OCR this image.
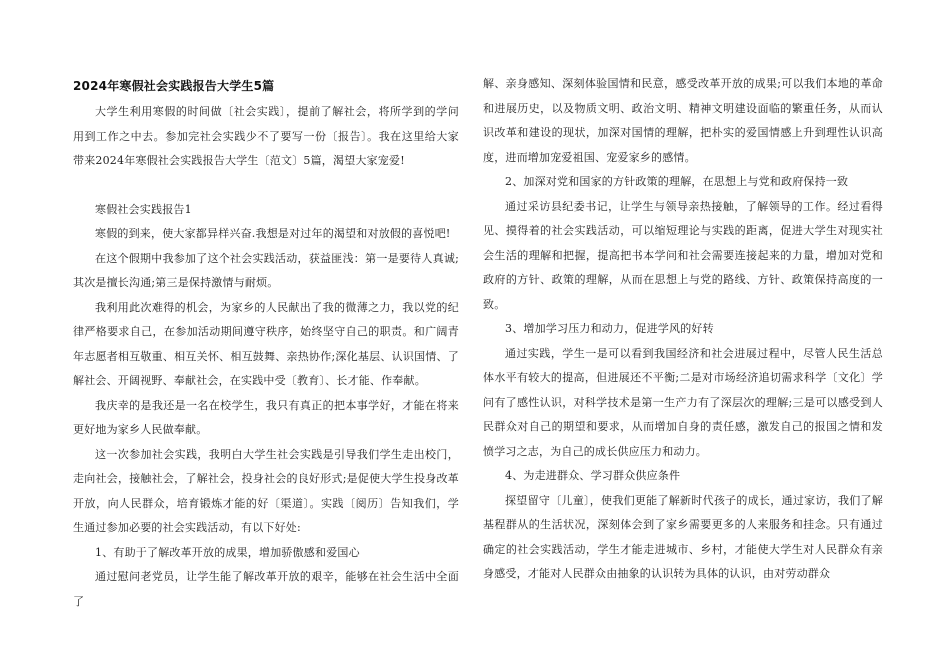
2024年寒假社会实践报告大学生5篇

大学生利用寒假的时间做〔社会实践〕，提前了解社会，将所学到的学问用到工作之中去。参加完社会实践少不了要写一份〔报告〕。我在这里给大家带来2024年寒假社会实践报告大学生〔范文〕5篇，渴望大家宠爱!

寒假社会实践报告1

寒假的到来，使大家都异样兴奋.我想是对过年的渴望和对放假的喜悦吧!

在这个假期中我参加了这个社会实践活动，获益匪浅：第一是要待人真诚;其次是擅长沟通;第三是保持激情与耐烦。

我利用此次难得的机会，为家乡的人民献出了我的微薄之力，我以党的纪律严格要求自己，在参加活动期间遵守秩序，始终坚守自己的职责。和广阔青年志愿者相互敬重、相互关怀、相互鼓舞、亲热协作;深化基层、认识国情、了解社会、开阔视野、奉献社会，在实践中受〔教育〕、长才能、作奉献。

我庆幸的是我还是一名在校学生，我只有真正的把本事学好，才能在将来更好地为家乡人民做奉献。

这一次参加社会实践，我明白大学生社会实践是引导我们学生走出校门，走向社会，接触社会，了解社会，投身社会的良好形式;是促使大学生投身改革开放，向人民群众，培育锻炼才能的好〔渠道〕。实践〔阅历〕告知我们，学生通过参加必要的社会实践活动，有以下好处:

1、有助于了解改革开放的成果，增加骄傲感和爱国心

通过慰问老党员，让学生能了解改革开放的艰辛，能够在社会生活中全面了

解、亲身感知、深刻体验国情和民意，感受改革开放的成果;可以我们本地的革命和进展历史，以及物质文明、政治文明、精神文明建设面临的繁重任务，从而认识改革和建设的现状，加深对国情的理解，把朴实的爱国情感上升到理性认识高度，进而增加宠爱祖国、宠爱家乡的感情。

2、加深对党和国家的方针政策的理解，在思想上与党和政府保持一致

通过采访县纪委书记，让学生与领导亲热接触，了解领导的工作。经过看得见、摸得着的社会实践活动，可以缩短理论与实践的距离，促进大学生对现实社会生活的理解和把握，提高把书本学问和社会需要连接起来的力量，增加对党和政府的方针、政策的理解，从而在思想上与党的路线、方针、政策保持高度的一致。

3、增加学习压力和动力，促进学风的好转

通过实践，学生一是可以看到我国经济和社会进展过程中，尽管人民生活总体水平有较大的提高，但进展还不平衡;二是对市场经济追切需求科学〔文化〕学问有了感性认识，对科学技术是第一生产力有了深层次的理解;三是可以感受到人民群众对自己的期望和要求，从而增加自身的责任感，激发自己的报国之情和发愤学习之志，为自己的成长供应压力和动力。

4、为走进群众、学习群众供应条件

探望留守〔儿童〕，使我们更能了解新时代孩子的成长，通过家访，我们了解基程群从的生活状况，深刻体会到了家乡需要更多的人来服务和挂念。只有通过确定的社会实践活动，学生才能走进城市、乡村，才能使大学生对人民群众有亲身感受，才能对人民群众由抽象的认识转为具体的认识，由对劳动群众
